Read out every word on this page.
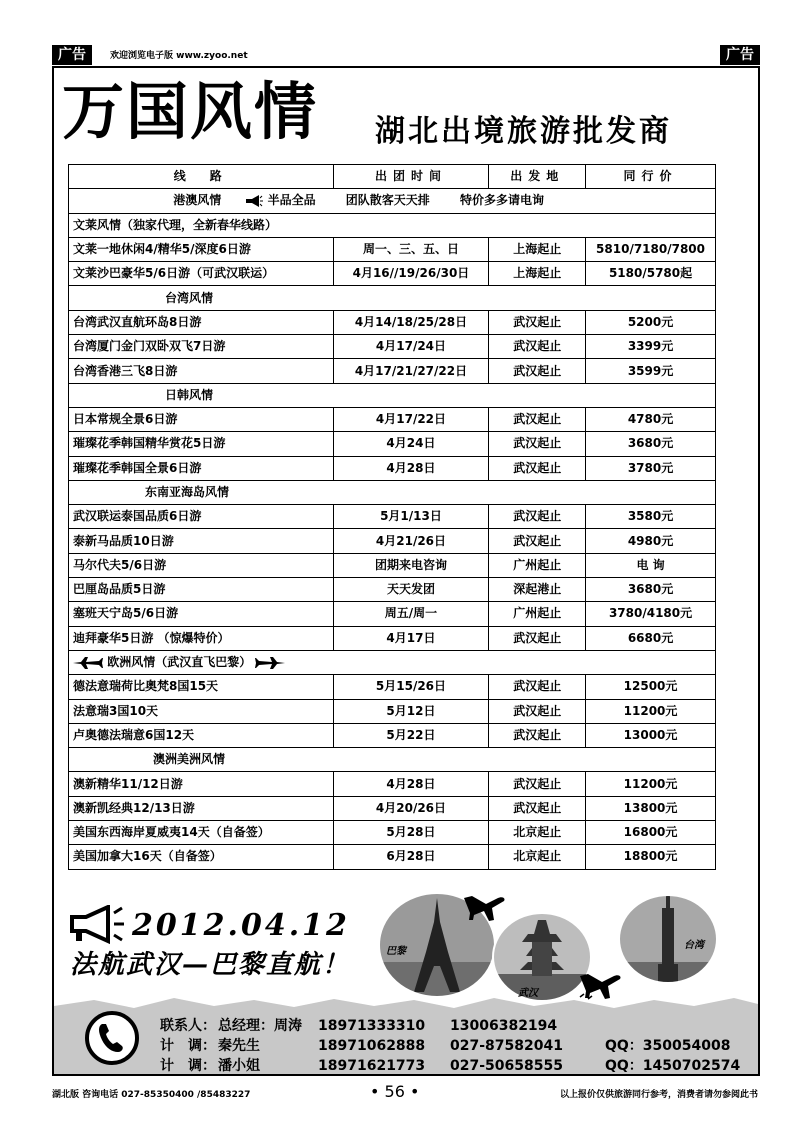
广告	欢迎浏览电子版 www.zyoo.net	广告
万国风情 湖北出境旅游批发商
线　路	出团时间	出发地	同行价
港澳风情 半品全品 团队散客天天排 特价多多请电询			
文莱风情（独家代理，全新春华线路）			
文莱一地休闲4/精华5/深度6日游	周一、三、五、日	上海起止	5810/7180/7800
文莱沙巴豪华5/6日游（可武汉联运）	4月16//19/26/30日	上海起止	5180/5780起
台湾风情			
台湾武汉直航环岛8日游	4月14/18/25/28日	武汉起止	5200元
台湾厦门金门双卧双飞7日游	4月17/24日	武汉起止	3399元
台湾香港三飞8日游	4月17/21/27/22日	武汉起止	3599元
日韩风情			
日本常规全景6日游	4月17/22日	武汉起止	4780元
璀璨花季韩国精华赏花5日游	4月24日	武汉起止	3680元
璀璨花季韩国全景6日游	4月28日	武汉起止	3780元
东南亚海岛风情			
武汉联运泰国品质6日游	5月1/13日	武汉起止	3580元
泰新马品质10日游	4月21/26日	武汉起止	4980元
马尔代夫5/6日游	团期来电咨询	广州起止	电 询
巴厘岛品质5日游	天天发团	深起港止	3680元
塞班天宁岛5/6日游	周五/周一	广州起止	3780/4180元
迪拜豪华5日游 （惊爆特价）	4月17日	武汉起止	6680元
欧洲风情（武汉直飞巴黎）			
德法意瑞荷比奥梵8国15天	5月15/26日	武汉起止	12500元
法意瑞3国10天	5月12日	武汉起止	11200元
卢奥德法瑞意6国12天	5月22日	武汉起止	13000元
澳洲美洲风情			
澳新精华11/12日游	4月28日	武汉起止	11200元
澳新凯经典12/13日游	4月20/26日	武汉起止	13800元
美国东西海岸夏威夷14天（自备签）	5月28日	北京起止	16800元
美国加拿大16天（自备签）	6月28日	北京起止	18800元
2012.04.12
法航武汉—巴黎直航！	巴黎
武汉
台湾
联系人： 总经理：周涛 18971333310 13006382194
计　调： 秦先生	18971062888 027-87582041	QQ：350054008
计　调： 潘小姐	18971621773 027-50658555	QQ：1450702574
湖北版 咨询电话 027-85350400 /85483227	• 56 •	以上报价仅供旅游同行参考，消费者请勿参阅此书
